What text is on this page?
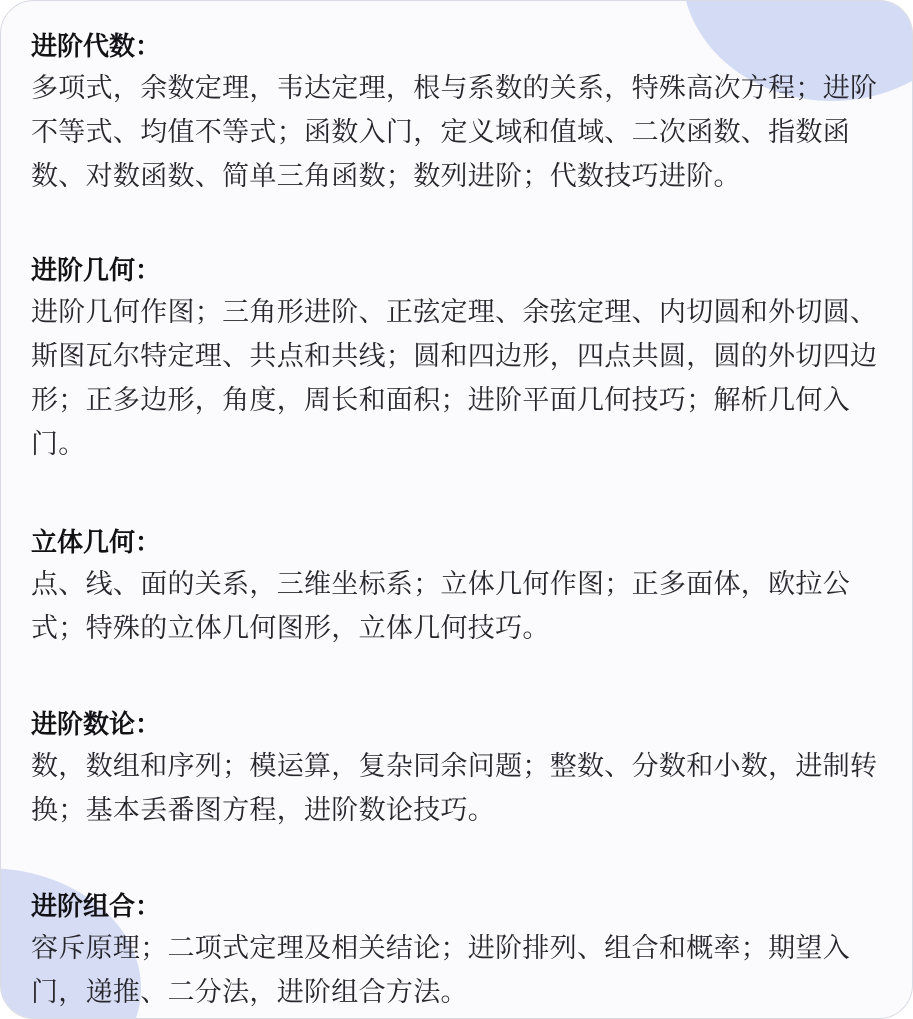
进阶代数：

多项式，余数定理，韦达定理，根与系数的关系，特殊高次方程；进阶不等式、均值不等式；函数入门，定义域和值域、二次函数、指数函数、对数函数、简单三角函数；数列进阶；代数技巧进阶。

进阶几何：

进阶几何作图；三角形进阶、正弦定理、余弦定理、内切圆和外切圆、斯图瓦尔特定理、共点和共线；圆和四边形，四点共圆，圆的外切四边形；正多边形，角度，周长和面积；进阶平面几何技巧；解析几何入门。

立体几何：

点、线、面的关系，三维坐标系；立体几何作图；正多面体，欧拉公式；特殊的立体几何图形，立体几何技巧。

进阶数论：

数，数组和序列；模运算，复杂同余问题；整数、分数和小数，进制转换；基本丢番图方程，进阶数论技巧。

进阶组合：

容斥原理；二项式定理及相关结论；进阶排列、组合和概率；期望入门，递推、二分法，进阶组合方法。
